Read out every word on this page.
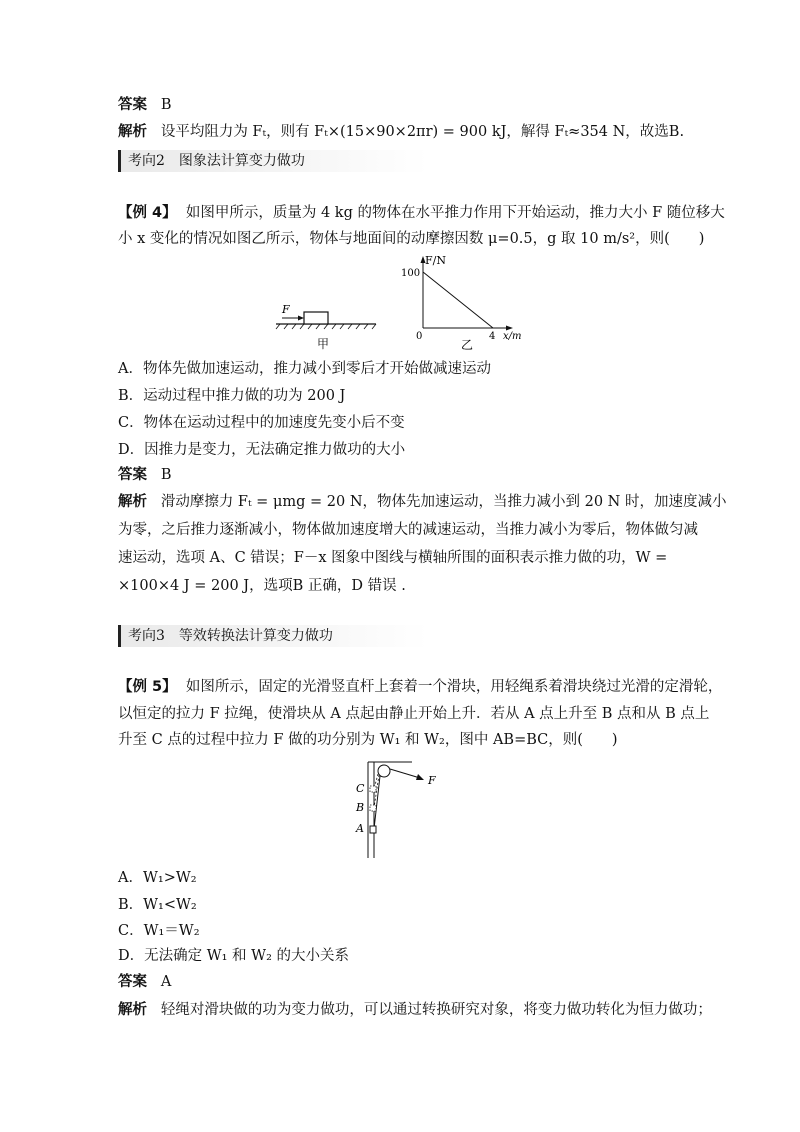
答案 B
解析 设平均阻力为 Fₜ，则有 Fₜ×(15×90×2πr) = 900 kJ，解得 Fₜ≈354 N，故选B.
考向2　图象法计算变力做功
【例 4】 如图甲所示，质量为 4 kg 的物体在水平推力作用下开始运动，推力大小 F 随位移大
小 x 变化的情况如图乙所示，物体与地面间的动摩擦因数 μ=0.5，g 取 10 m/s²，则(　　)
F
F/N
100
0	4 x/m
乙
甲
A．物体先做加速运动，推力减小到零后才开始做减速运动
B．运动过程中推力做的功为 200 J
C．物体在运动过程中的加速度先变小后不变
D．因推力是变力，无法确定推力做功的大小
答案 B
解析 滑动摩擦力 Fₜ = μmg = 20 N，物体先加速运动，当推力减小到 20 N 时，加速度减小
为零，之后推力逐渐减小，物体做加速度增大的减速运动，当推力减小为零后，物体做匀减
速运动，选项 A、C 错误；F－x 图象中图线与横轴所围的面积表示推力做的功，W =
×100×4 J = 200 J，选项B 正确，D 错误 .
考向3　等效转换法计算变力做功
【例 5】 如图所示，固定的光滑竖直杆上套着一个滑块，用轻绳系着滑块绕过光滑的定滑轮，
以恒定的拉力 F 拉绳，使滑块从 A 点起由静止开始上升．若从 A 点上升至 B 点和从 B 点上
升至 C 点的过程中拉力 F 做的功分别为 W₁ 和 W₂，图中 AB=BC，则(　　)
C
B
A
F
A．W₁>W₂
B．W₁<W₂
C．W₁＝W₂
D．无法确定 W₁ 和 W₂ 的大小关系
答案 A
解析 轻绳对滑块做的功为变力做功，可以通过转换研究对象，将变力做功转化为恒力做功；
